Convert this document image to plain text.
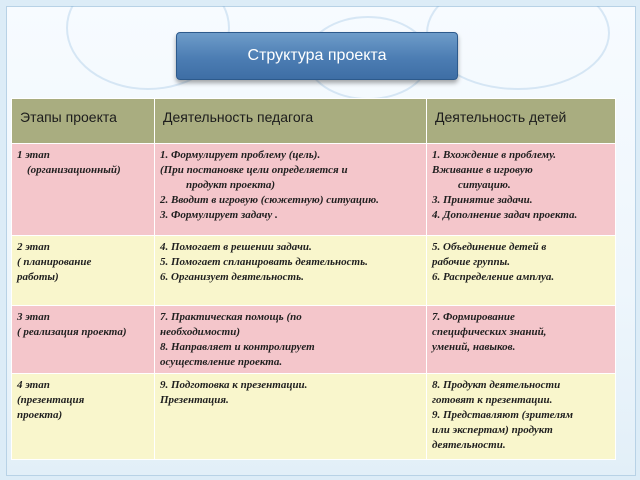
Структура проекта
Этапы проекта	Деятельность педагога	Деятельность детей

1 этап
(организационный)	1. Формулирует проблему (цель).
(При постановке цели определяется и
продукт проекта)
2. Вводит в игровую (сюжетную) ситуацию.
3. Формулирует задачу .	1. Вхождение в проблему.
Вживание в игровую
ситуацию.
3. Принятие задачи.
4. Дополнение задач проекта.

2 этап
( планирование
работы)	4. Помогает в решении задачи.
5. Помогает спланировать деятельность.
6. Организует деятельность.	5. Объединение детей в
рабочие группы.
6. Распределение амплуа.

3 этап
( реализация проекта)	7. Практическая помощь (по
необходимости)
8. Направляет и контролирует
осуществление проекта.	7. Формирование
специфических знаний,
умений, навыков.

4 этап
(презентация
проекта)	9. Подготовка к презентации.
Презентация.	8. Продукт деятельности
готовят к презентации.
9. Представляют (зрителям
или экспертам) продукт
деятельности.
